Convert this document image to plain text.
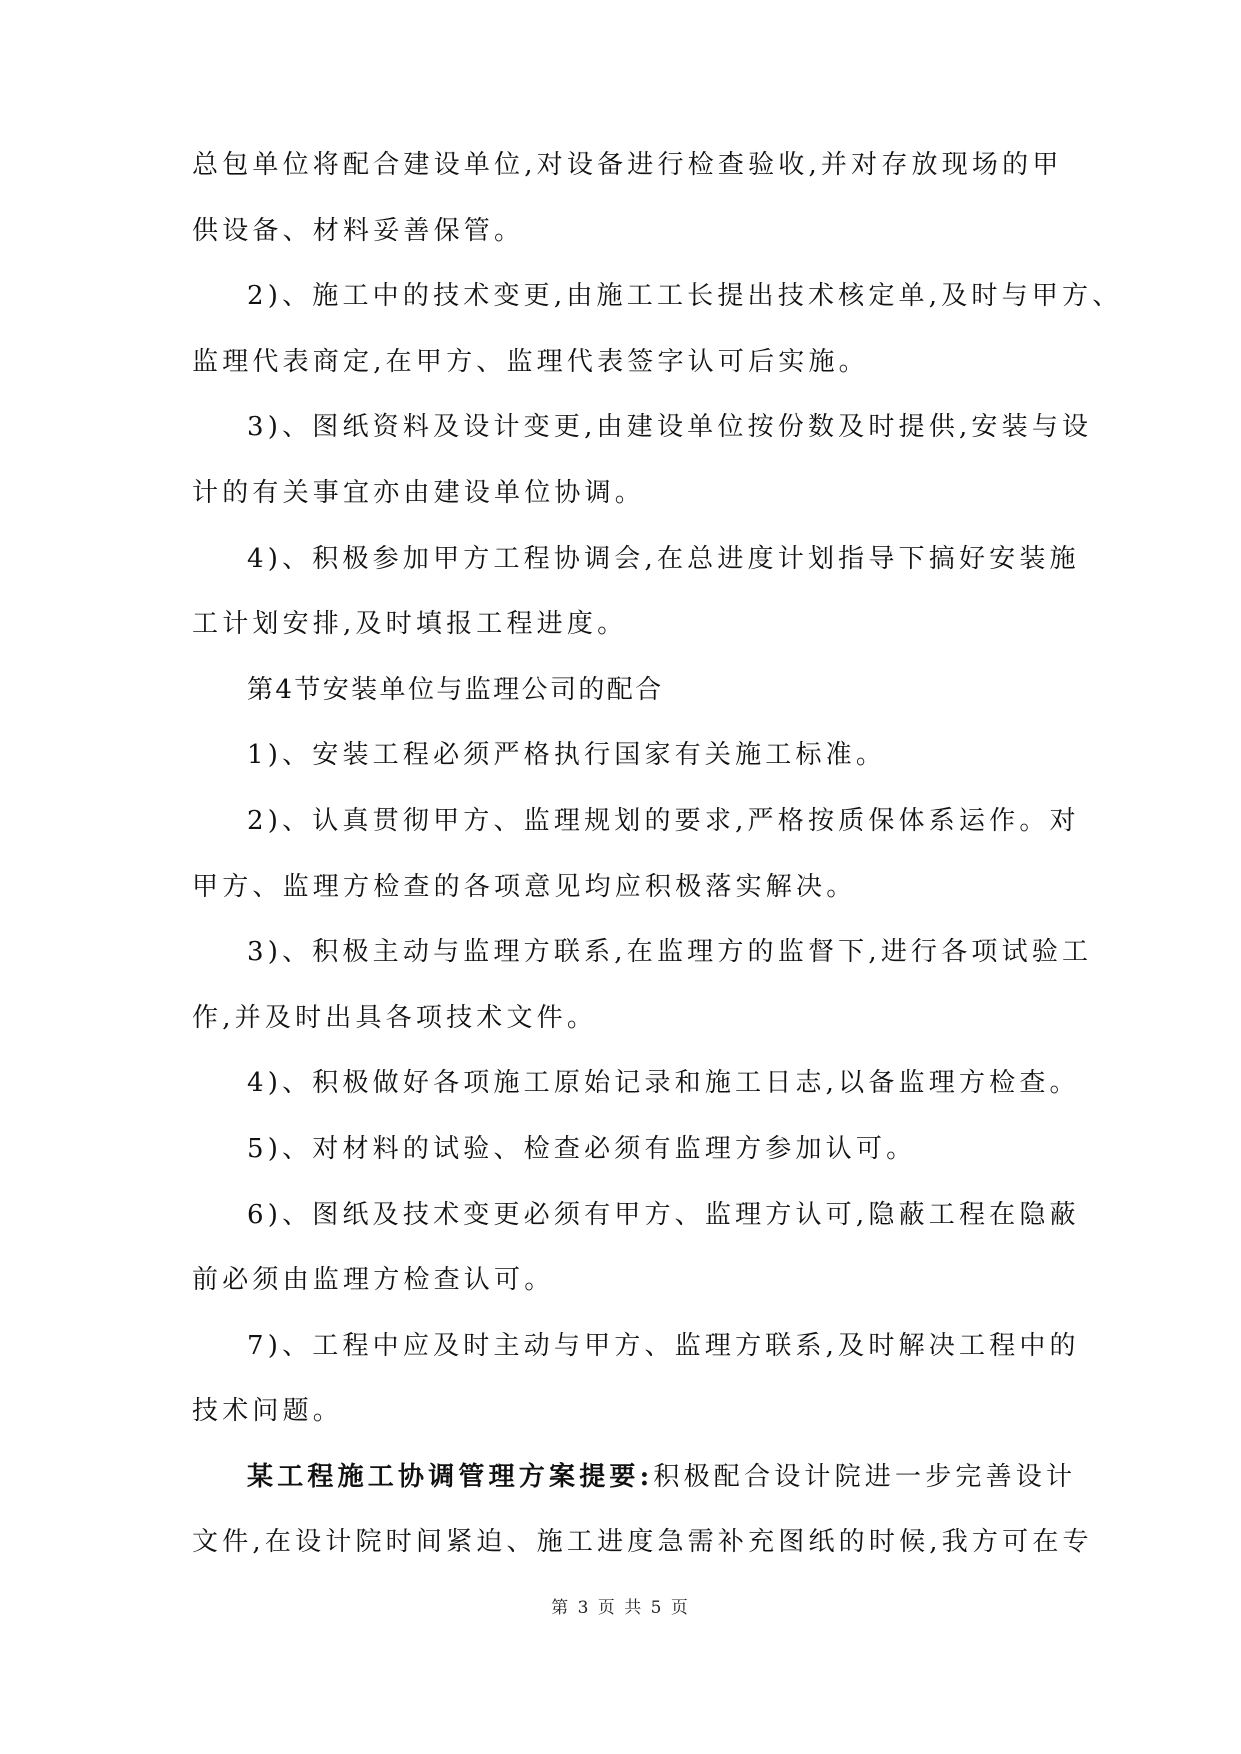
总包单位将配合建设单位,对设备进行检查验收,并对存放现场的甲
供设备、材料妥善保管。
2)、施工中的技术变更,由施工工长提出技术核定单,及时与甲方、
监理代表商定,在甲方、监理代表签字认可后实施。
3)、图纸资料及设计变更,由建设单位按份数及时提供,安装与设
计的有关事宜亦由建设单位协调。
4)、积极参加甲方工程协调会,在总进度计划指导下搞好安装施
工计划安排,及时填报工程进度。
第4节安装单位与监理公司的配合
1)、安装工程必须严格执行国家有关施工标准。
2)、认真贯彻甲方、监理规划的要求,严格按质保体系运作。对
甲方、监理方检查的各项意见均应积极落实解决。
3)、积极主动与监理方联系,在监理方的监督下,进行各项试验工
作,并及时出具各项技术文件。
4)、积极做好各项施工原始记录和施工日志,以备监理方检查。
5)、对材料的试验、检查必须有监理方参加认可。
6)、图纸及技术变更必须有甲方、监理方认可,隐蔽工程在隐蔽
前必须由监理方检查认可。
7)、工程中应及时主动与甲方、监理方联系,及时解决工程中的
技术问题。
某工程施工协调管理方案提要:积极配合设计院进一步完善设计
文件,在设计院时间紧迫、施工进度急需补充图纸的时候,我方可在专
第 3 页 共 5 页
